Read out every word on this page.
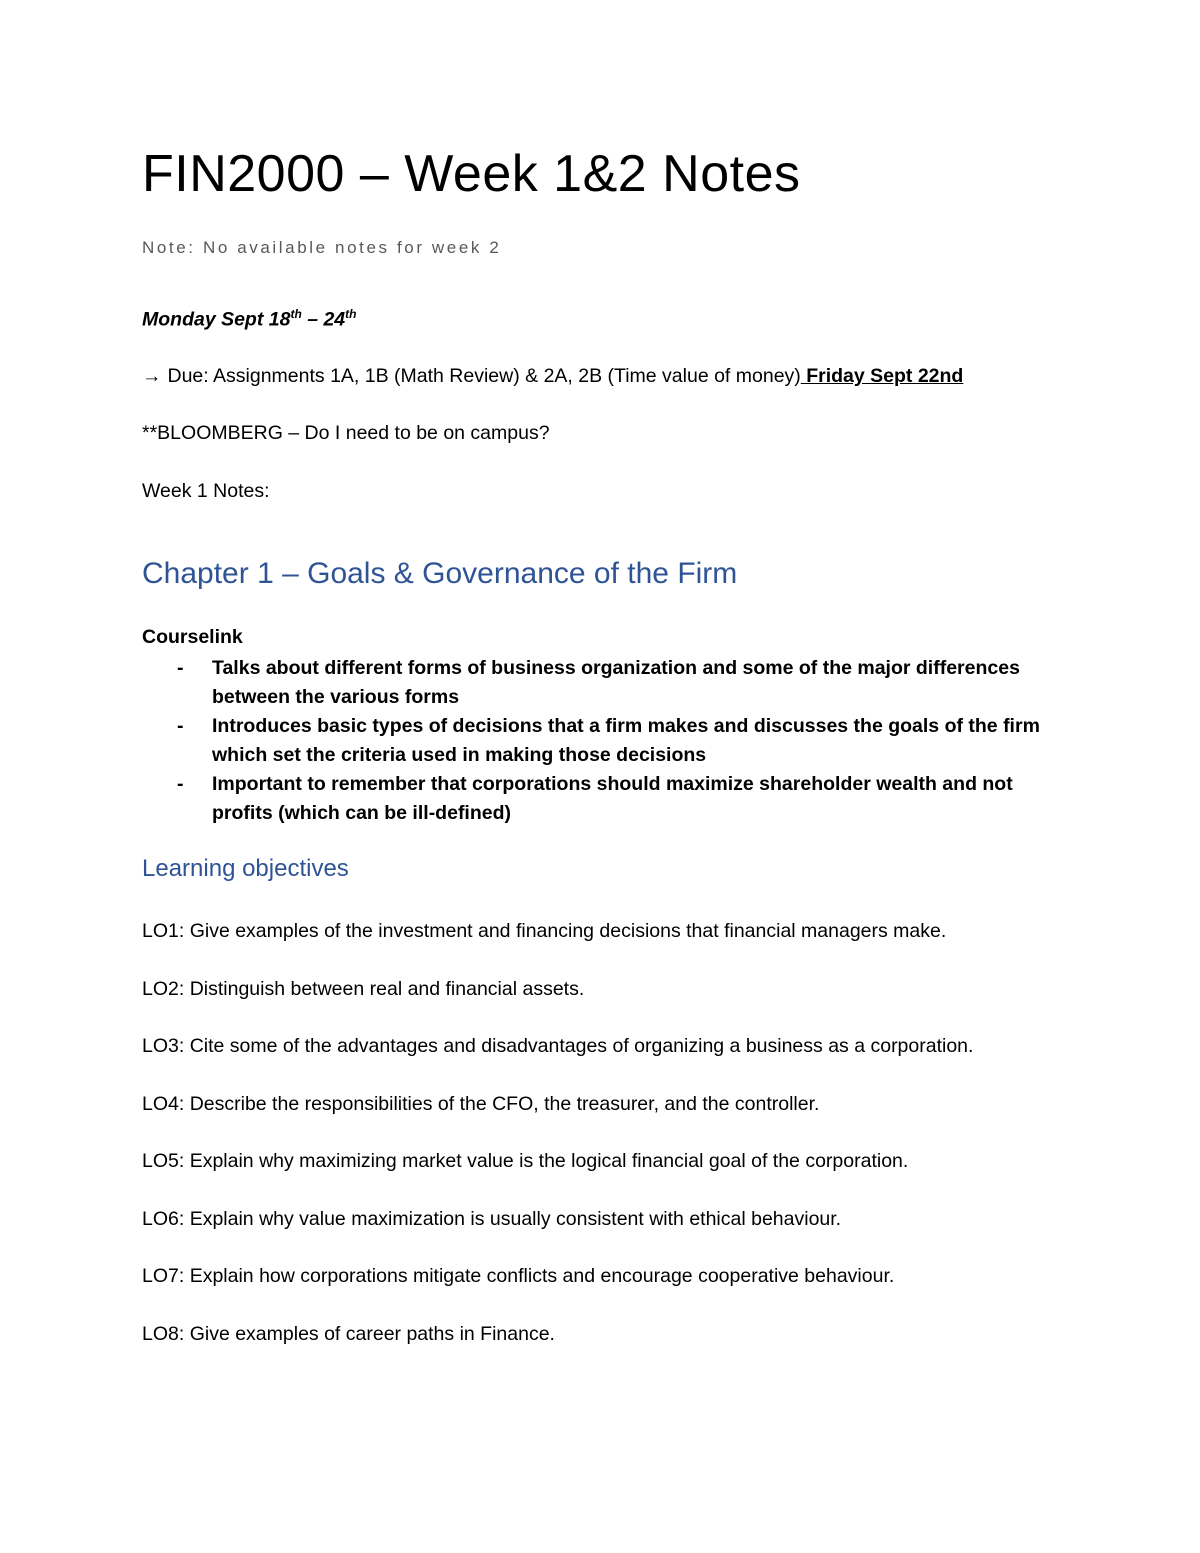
FIN2000 – Week 1&2 Notes
Note: No available notes for week 2
Monday Sept 18th – 24th
→ Due: Assignments 1A, 1B (Math Review) & 2A, 2B (Time value of money) Friday Sept 22nd
**BLOOMBERG – Do I need to be on campus?
Week 1 Notes:
Chapter 1 – Goals & Governance of the Firm
Courselink
- Talks about different forms of business organization and some of the major differences between the various forms
- Introduces basic types of decisions that a firm makes and discusses the goals of the firm which set the criteria used in making those decisions
- Important to remember that corporations should maximize shareholder wealth and not profits (which can be ill-defined)
Learning objectives
LO1: Give examples of the investment and financing decisions that financial managers make.
LO2: Distinguish between real and financial assets.
LO3: Cite some of the advantages and disadvantages of organizing a business as a corporation.
LO4: Describe the responsibilities of the CFO, the treasurer, and the controller.
LO5: Explain why maximizing market value is the logical financial goal of the corporation.
LO6: Explain why value maximization is usually consistent with ethical behaviour.
LO7: Explain how corporations mitigate conflicts and encourage cooperative behaviour.
LO8: Give examples of career paths in Finance.
